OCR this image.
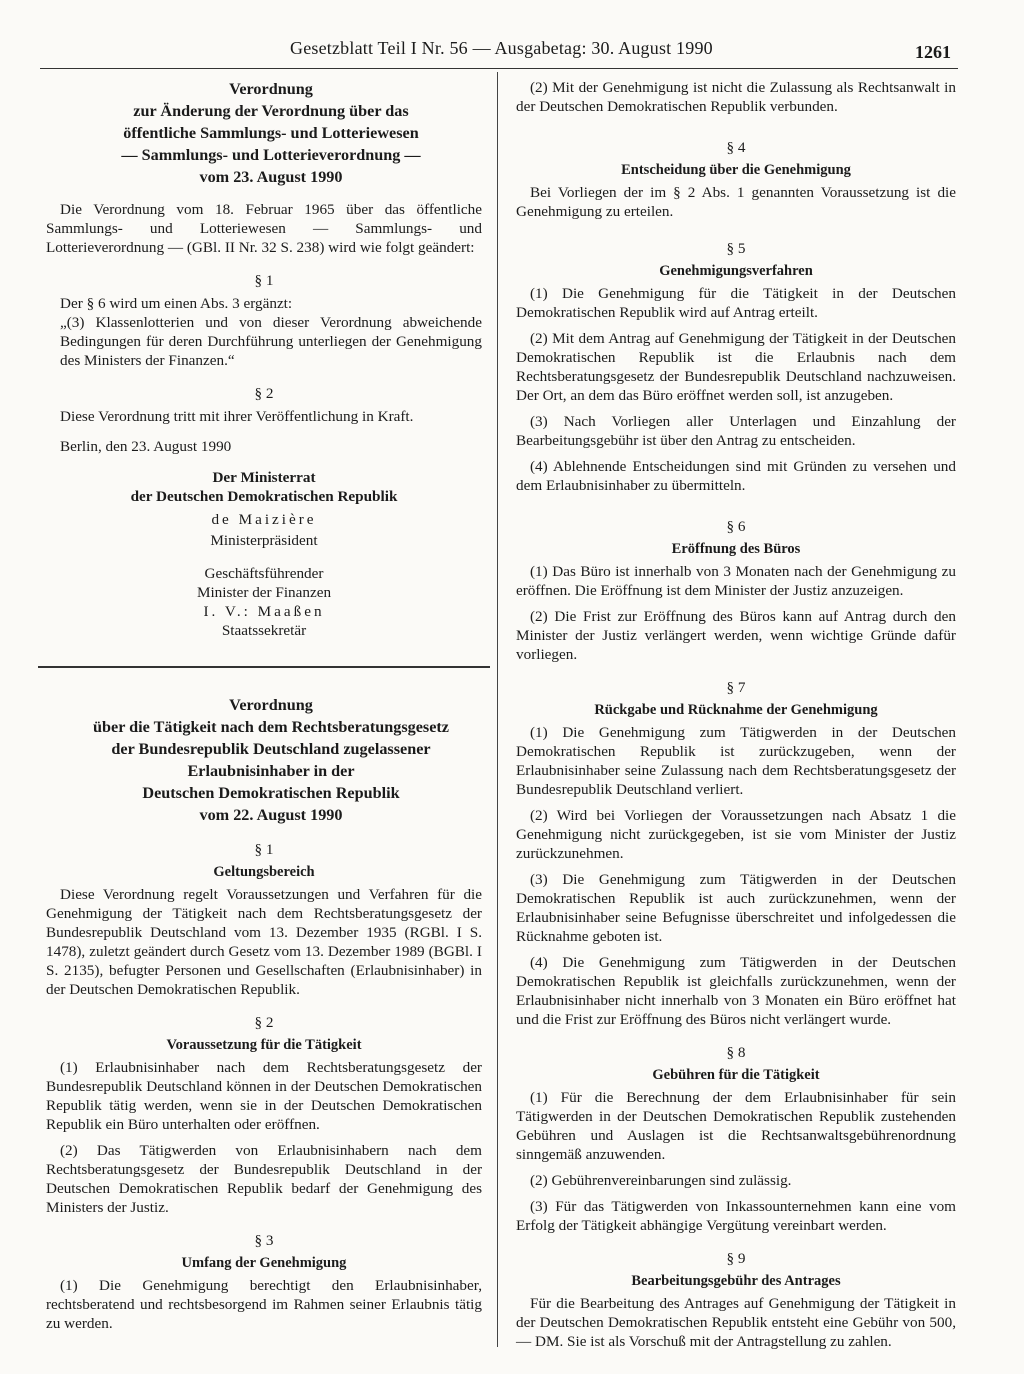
Gesetzblatt Teil I Nr. 56 — Ausgabetag: 30. August 1990	1261

Verordnung

zur Änderung der Verordnung über das

öffentliche Sammlungs- und Lotteriewesen

— Sammlungs- und Lotterieverordnung —

vom 23. August 1990

Die Verordnung vom 18. Februar 1965 über das öffentliche Sammlungs- und Lotteriewesen — Sammlungs- und Lotterieverordnung — (GBl. II Nr. 32 S. 238) wird wie folgt geändert:

§ 1

Der § 6 wird um einen Abs. 3 ergänzt:

„(3) Klassenlotterien und von dieser Verordnung abweichende Bedingungen für deren Durchführung unterliegen der Genehmigung des Ministers der Finanzen.“

§ 2

Diese Verordnung tritt mit ihrer Veröffentlichung in Kraft.

Berlin, den 23. August 1990

Der Ministerrat
der Deutschen Demokratischen Republik
de Maizière
Ministerpräsident
Geschäftsführender
Minister der Finanzen
I. V.: Maaßen
Staatssekretär

Verordnung

über die Tätigkeit nach dem Rechtsberatungsgesetz

der Bundesrepublik Deutschland zugelassener

Erlaubnisinhaber in der

Deutschen Demokratischen Republik

vom 22. August 1990

§ 1
Geltungsbereich

Diese Verordnung regelt Voraussetzungen und Verfahren für die Genehmigung der Tätigkeit nach dem Rechtsberatungsgesetz der Bundesrepublik Deutschland vom 13. Dezember 1935 (RGBl. I S. 1478), zuletzt geändert durch Gesetz vom 13. Dezember 1989 (BGBl. I S. 2135), befugter Personen und Gesellschaften (Erlaubnisinhaber) in der Deutschen Demokratischen Republik.

§ 2
Voraussetzung für die Tätigkeit

(1) Erlaubnisinhaber nach dem Rechtsberatungsgesetz der Bundesrepublik Deutschland können in der Deutschen Demokratischen Republik tätig werden, wenn sie in der Deutschen Demokratischen Republik ein Büro unterhalten oder eröffnen.

(2) Das Tätigwerden von Erlaubnisinhabern nach dem Rechtsberatungsgesetz der Bundesrepublik Deutschland in der Deutschen Demokratischen Republik bedarf der Genehmigung des Ministers der Justiz.

§ 3
Umfang der Genehmigung

(1) Die Genehmigung berechtigt den Erlaubnisinhaber, rechtsberatend und rechtsbesorgend im Rahmen seiner Erlaubnis tätig zu werden.

(2) Mit der Genehmigung ist nicht die Zulassung als Rechtsanwalt in der Deutschen Demokratischen Republik verbunden.

§ 4
Entscheidung über die Genehmigung

Bei Vorliegen der im § 2 Abs. 1 genannten Voraussetzung ist die Genehmigung zu erteilen.

§ 5
Genehmigungsverfahren

(1) Die Genehmigung für die Tätigkeit in der Deutschen Demokratischen Republik wird auf Antrag erteilt.

(2) Mit dem Antrag auf Genehmigung der Tätigkeit in der Deutschen Demokratischen Republik ist die Erlaubnis nach dem Rechtsberatungsgesetz der Bundesrepublik Deutschland nachzuweisen. Der Ort, an dem das Büro eröffnet werden soll, ist anzugeben.

(3) Nach Vorliegen aller Unterlagen und Einzahlung der Bearbeitungsgebühr ist über den Antrag zu entscheiden.

(4) Ablehnende Entscheidungen sind mit Gründen zu versehen und dem Erlaubnisinhaber zu übermitteln.

§ 6
Eröffnung des Büros

(1) Das Büro ist innerhalb von 3 Monaten nach der Genehmigung zu eröffnen. Die Eröffnung ist dem Minister der Justiz anzuzeigen.

(2) Die Frist zur Eröffnung des Büros kann auf Antrag durch den Minister der Justiz verlängert werden, wenn wichtige Gründe dafür vorliegen.

§ 7
Rückgabe und Rücknahme der Genehmigung

(1) Die Genehmigung zum Tätigwerden in der Deutschen Demokratischen Republik ist zurückzugeben, wenn der Erlaubnisinhaber seine Zulassung nach dem Rechtsberatungsgesetz der Bundesrepublik Deutschland verliert.

(2) Wird bei Vorliegen der Voraussetzungen nach Absatz 1 die Genehmigung nicht zurückgegeben, ist sie vom Minister der Justiz zurückzunehmen.

(3) Die Genehmigung zum Tätigwerden in der Deutschen Demokratischen Republik ist auch zurückzunehmen, wenn der Erlaubnisinhaber seine Befugnisse überschreitet und infolgedessen die Rücknahme geboten ist.

(4) Die Genehmigung zum Tätigwerden in der Deutschen Demokratischen Republik ist gleichfalls zurückzunehmen, wenn der Erlaubnisinhaber nicht innerhalb von 3 Monaten ein Büro eröffnet hat und die Frist zur Eröffnung des Büros nicht verlängert wurde.

§ 8
Gebühren für die Tätigkeit

(1) Für die Berechnung der dem Erlaubnisinhaber für sein Tätigwerden in der Deutschen Demokratischen Republik zustehenden Gebühren und Auslagen ist die Rechtsanwaltsgebührenordnung sinngemäß anzuwenden.

(2) Gebührenvereinbarungen sind zulässig.

(3) Für das Tätigwerden von Inkassounternehmen kann eine vom Erfolg der Tätigkeit abhängige Vergütung vereinbart werden.

§ 9
Bearbeitungsgebühr des Antrages

Für die Bearbeitung des Antrages auf Genehmigung der Tätigkeit in der Deutschen Demokratischen Republik entsteht eine Gebühr von 500,— DM. Sie ist als Vorschuß mit der Antragstellung zu zahlen.
